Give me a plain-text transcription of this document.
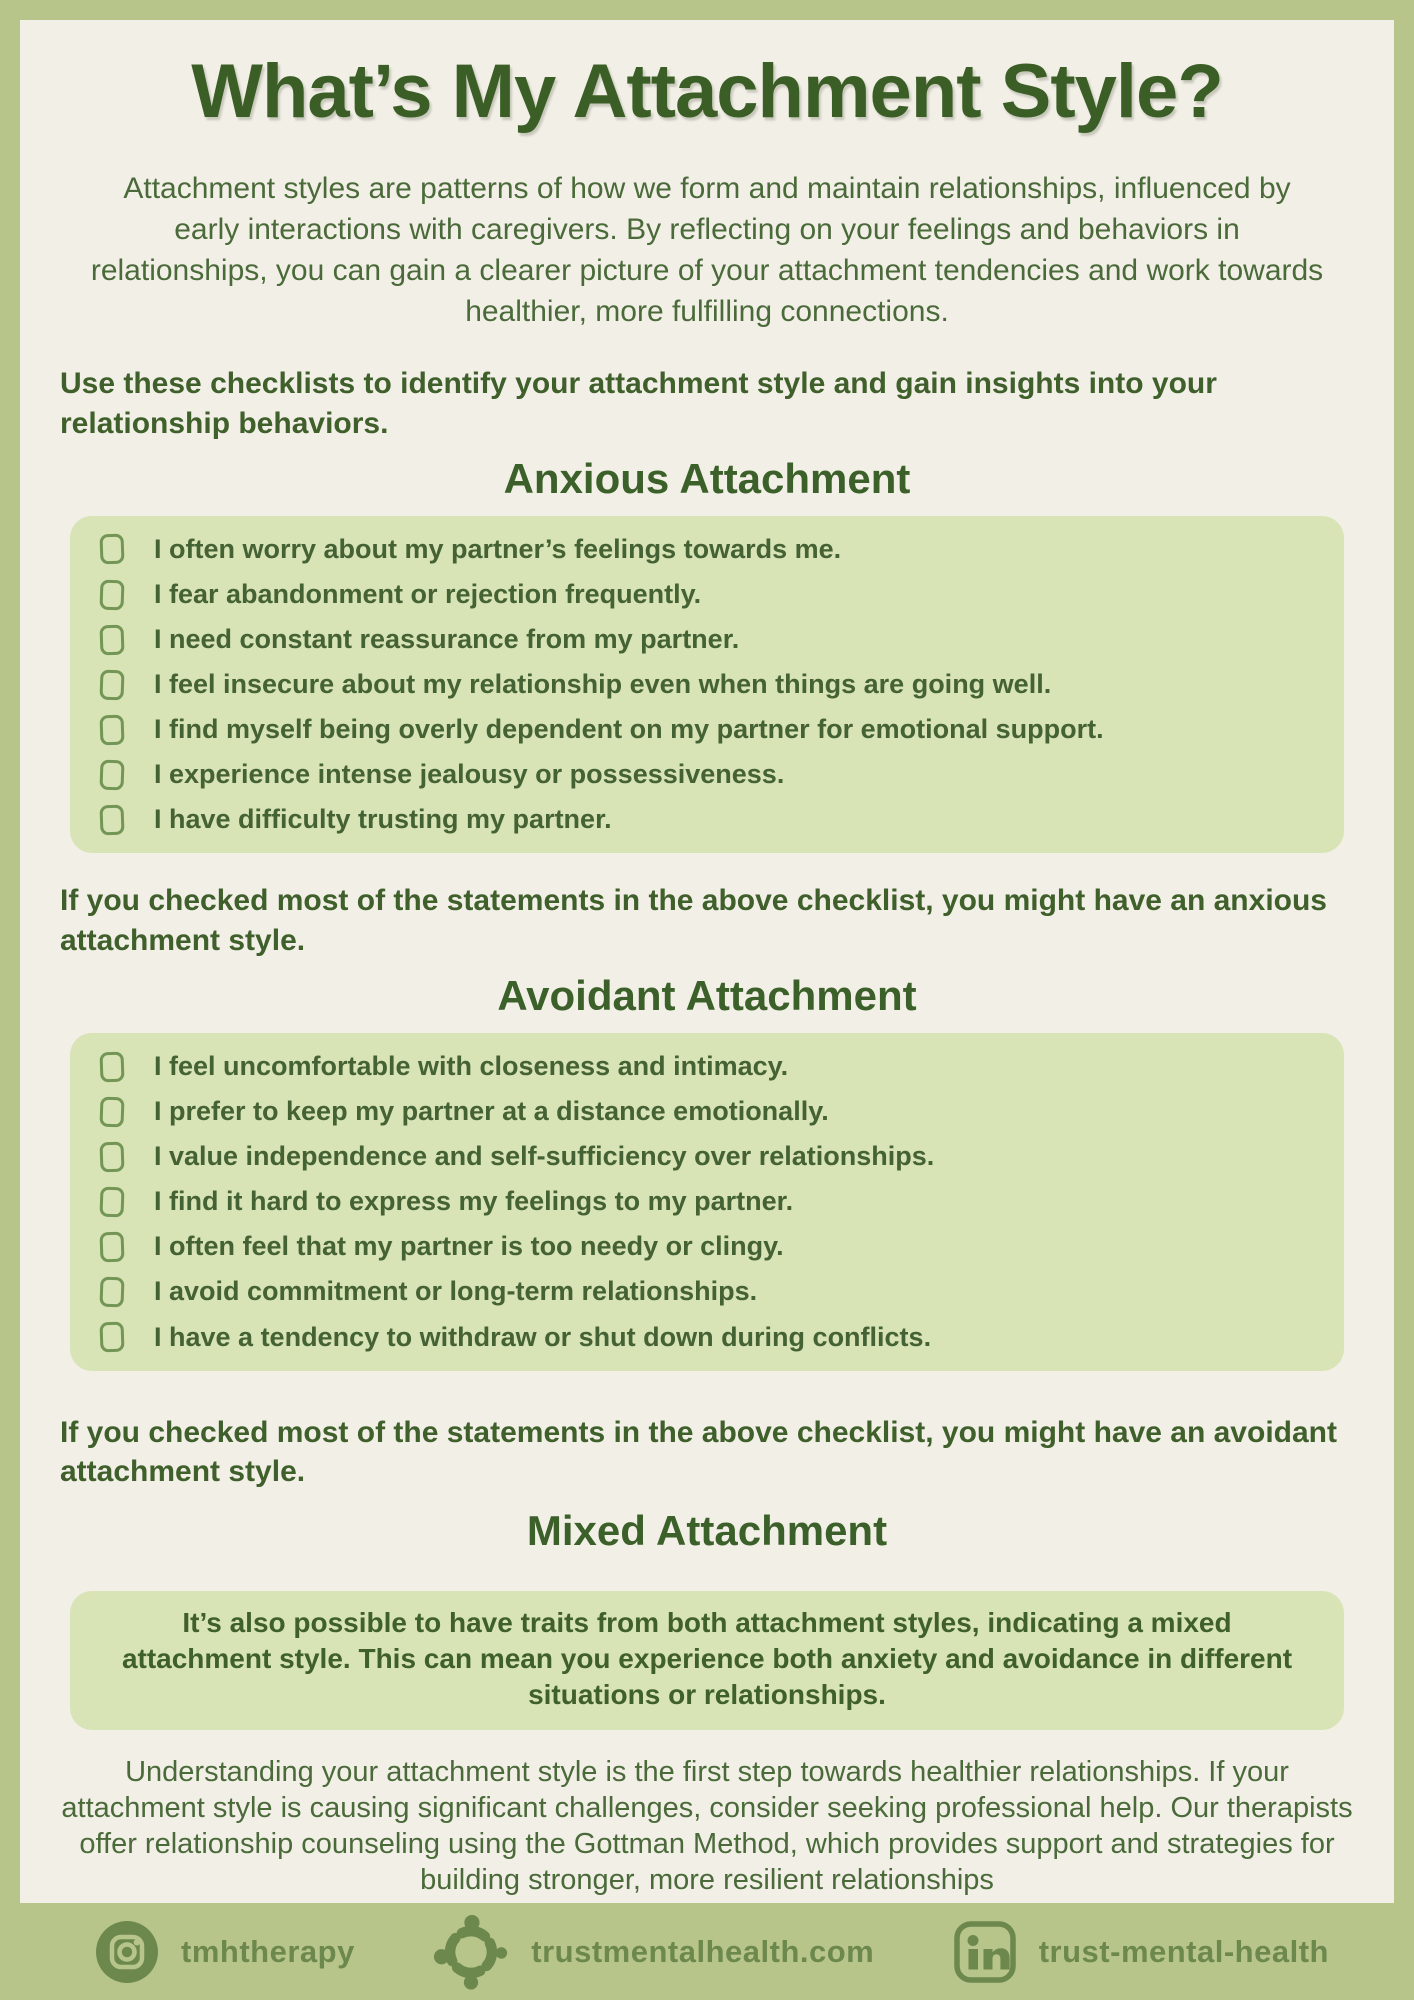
What’s My Attachment Style?

Attachment styles are patterns of how we form and maintain relationships, influenced by early interactions with caregivers. By reflecting on your feelings and behaviors in relationships, you can gain a clearer picture of your attachment tendencies and work towards healthier, more fulfilling connections.

Use these checklists to identify your attachment style and gain insights into your relationship behaviors.

Anxious Attachment
I often worry about my partner’s feelings towards me.
I fear abandonment or rejection frequently.
I need constant reassurance from my partner.
I feel insecure about my relationship even when things are going well.
I find myself being overly dependent on my partner for emotional support.
I experience intense jealousy or possessiveness.
I have difficulty trusting my partner.

If you checked most of the statements in the above checklist, you might have an anxious attachment style.

Avoidant Attachment
I feel uncomfortable with closeness and intimacy.
I prefer to keep my partner at a distance emotionally.
I value independence and self-sufficiency over relationships.
I find it hard to express my feelings to my partner.
I often feel that my partner is too needy or clingy.
I avoid commitment or long-term relationships.
I have a tendency to withdraw or shut down during conflicts.

If you checked most of the statements in the above checklist, you might have an avoidant attachment style.

Mixed Attachment

It’s also possible to have traits from both attachment styles, indicating a mixed attachment style. This can mean you experience both anxiety and avoidance in different situations or relationships.

Understanding your attachment style is the first step towards healthier relationships. If your attachment style is causing significant challenges, consider seeking professional help. Our therapists offer relationship counseling using the Gottman Method, which provides support and strategies for building stronger, more resilient relationships

tmhtherapy	trustmentalhealth.com	trust-mental-health
